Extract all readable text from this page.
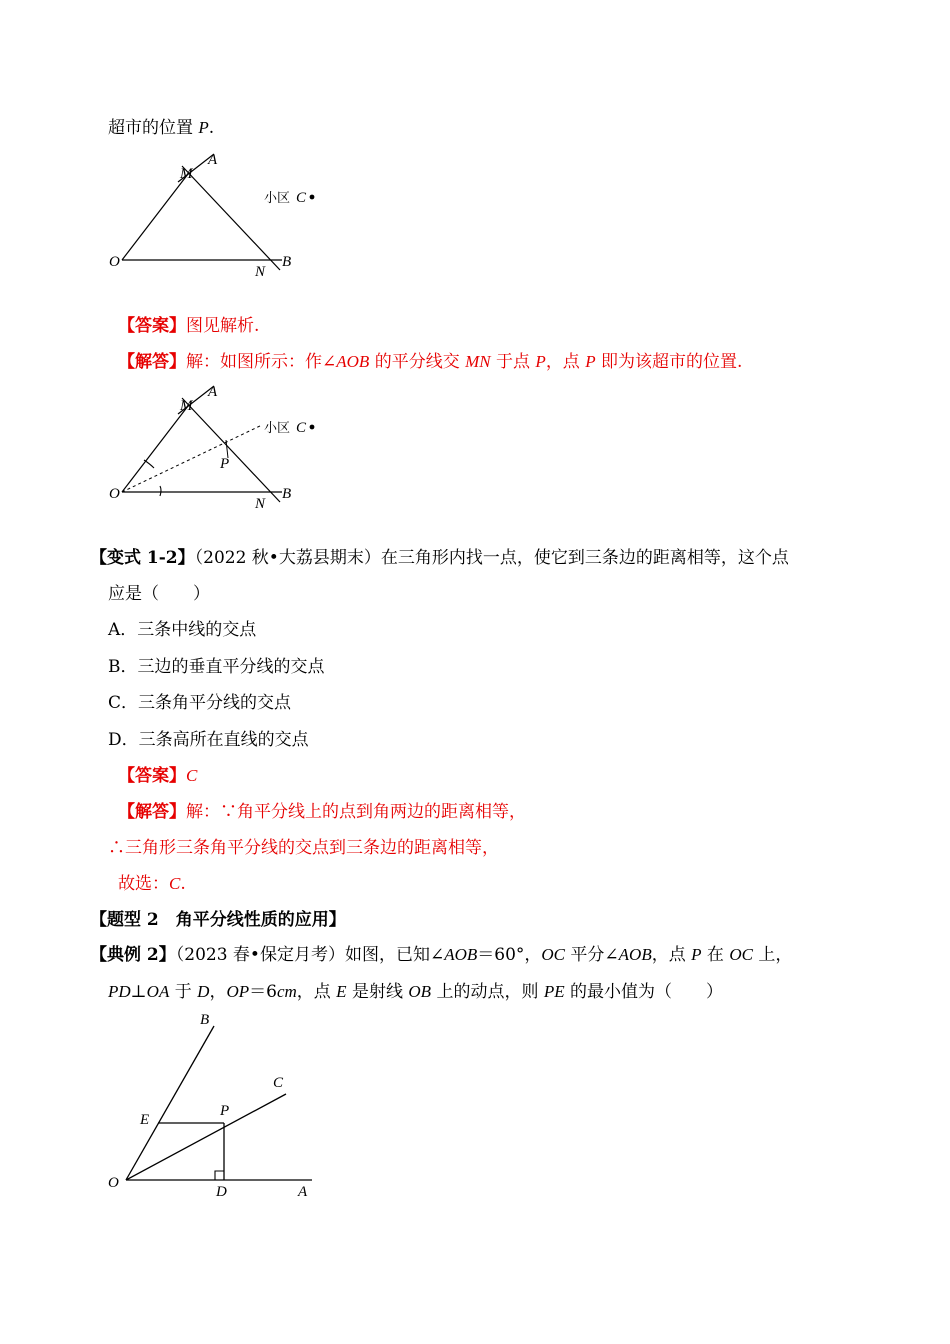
超市的位置 P.
M
A
O
N
B
小区 C
【答案】图见解析.
【解答】解：如图所示：作∠AOB 的平分线交 MN 于点 P，点 P 即为该超市的位置.
M
A
O
N
B
P
小区 C
【变式 1-2】（2022 秋•大荔县期末）在三角形内找一点，使它到三条边的距离相等，这个点
应是（　　）
A．三条中线的交点
B．三边的垂直平分线的交点
C．三条角平分线的交点
D．三条高所在直线的交点
【答案】C
【解答】解：∵角平分线上的点到角两边的距离相等，
∴三角形三条角平分线的交点到三条边的距离相等，
故选：C.
【题型 2　角平分线性质的应用】
【典例 2】（2023 春•保定月考）如图，已知∠AOB＝60°，OC 平分∠AOB，点 P 在 OC 上，
PD⊥OA 于 D，OP＝6cm，点 E 是射线 OB 上的动点，则 PE 的最小值为（　　）
B
C
E
P
O
D	A
